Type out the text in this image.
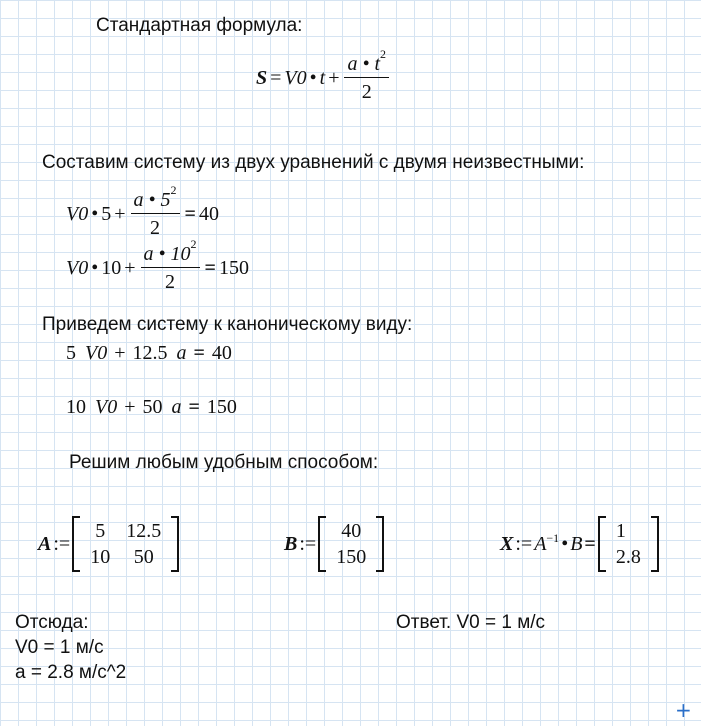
Стандартная формула:
S = V0 • $t + \frac{a • t^2}{2}$
Составим систему из двух уравнений с двумя неизвестными:
V0 • $5 + \frac{a • 5^2}{2} = 40$
V0 • $10 + \frac{a • 10^2}{2} = 150$
Приведем систему к каноническому виду:
5 V0 + 12.5 a = 40
10 V0 + 50 a = 150
Решим любым удобным способом:
A :=
5	12.5
10	50
B :=
40
150
X := $A^{-1}$ • B =
1
2.8
Отсюда:
V0 = 1 м/с
a = 2.8 м/с^2
Ответ. V0 = 1 м/с
+
